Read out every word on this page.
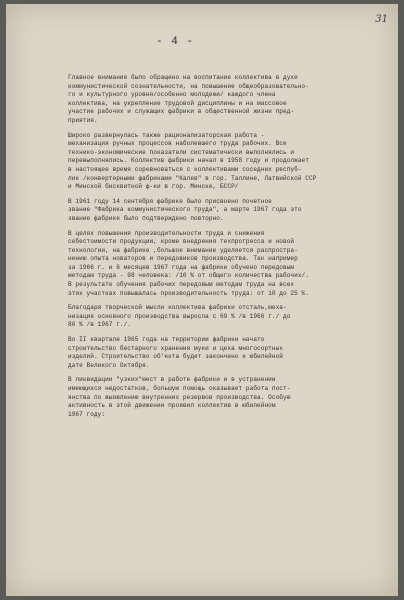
- 4 -
31
Главное внимание было обращено на воспитание коллектива в духе
коммунистической сознательности, на повышение общеобразовательно-
го и культурного уровня/особенно молодежи/ каждого члена
коллектива, на укрепление трудовой дисциплины и на массовое
участие рабочих и служащих фабрики в общественной жизни пред-
приятия.
Широко развернулась также рационализаторская работа -
механизация ручных процессов наболевшего труда рабочих. Все
технико-экономические показатели систематически выполнялись и
перевыполнялись. Коллектив фабрики начал в 1958 году и продолжает
в настоящее время соревноваться с коллективами соседних респуб-
лик /конвертерными фабриками "Калев" в гор. Таллине, Латвийской ССР
и Минской бисквитной ф-ки в гор. Минске, БССР/
В 1961 году 14 сентября фабрике было присвоено почетное
звание "Фабрика коммунистического труда", а марте 1967 года это
звание фабрике было подтверждено повторно.
В целях повышения производительности труда и снижения
себестоимости продукции, кроме внедрения техпрогресса и новой
технологии, на фабрике ,большое внимание уделяется распростра-
нению опыта новаторов и передовиков производства. Так например
за 1966 г. и 6 месяцев 1967 года на фабрике обучено передовым
методам труда - 98 человека: /10 % от общего количества рабочих/.
В результате обучения рабочих передовым методам труда на всех
этих участках повышалась производительность труда: от 10 до 25 %.
Благодаря творческой мысли коллектива фабрики отсталь,меха-
низация основного производства выросла с 69 % /в 1966 г./ до
80 % /в 1967 г./.
Во II квартале 1965 года на территории фабрики начато
строительство бестарного хранения муки и цеха многосортных
изделий. Строительство об'екта будет закончено к юбилейной
дате Великого Октября.
В ликвидации "узких"мест в работе фабрики и в устранении
имеющихся недостатков, большую помощь оказывает работа пост-
янства по выявлению внутренних резервов производства. Особую
активность в этой движении проявил коллектив в юбилейном
1967 году:
